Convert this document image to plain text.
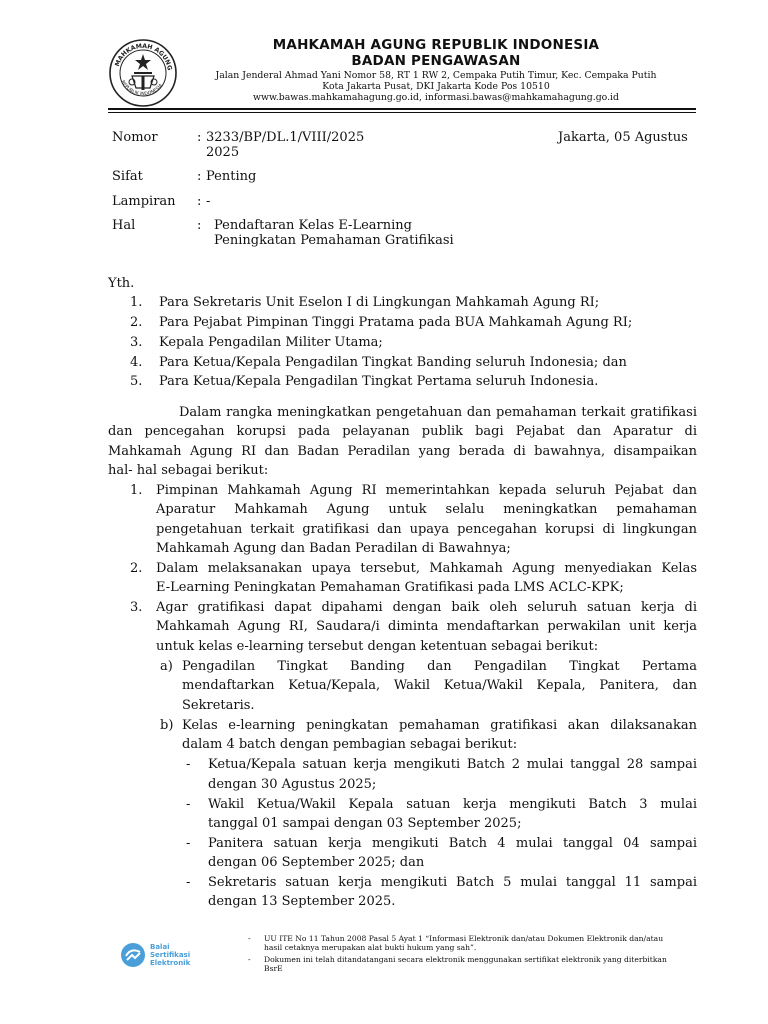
MAHKAMAH AGUNG
REPUBLIK INDONESIA
MAHKAMAH AGUNG REPUBLIK INDONESIA
BADAN PENGAWASAN
Jalan Jenderal Ahmad Yani Nomor 58, RT 1 RW 2, Cempaka Putih Timur, Kec. Cempaka Putih
Kota Jakarta Pusat, DKI Jakarta Kode Pos 10510
www.bawas.mahkamahagung.go.id, informasi.bawas@mahkamahagung.go.id
Nomor	: 3233/BP/DL.1/VIII/2025
2025
Jakarta, 05 Agustus
Sifat	: Penting
Lampiran : -
Hal	: Pendaftaran Kelas E-Learning
Peningkatan Pemahaman Gratifikasi
Yth.
1. Para Sekretaris Unit Eselon I di Lingkungan Mahkamah Agung RI;
2. Para Pejabat Pimpinan Tinggi Pratama pada BUA Mahkamah Agung RI;
3. Kepala Pengadilan Militer Utama;
4. Para Ketua/Kepala Pengadilan Tingkat Banding seluruh Indonesia; dan
5. Para Ketua/Kepala Pengadilan Tingkat Pertama seluruh Indonesia.
Dalam rangka meningkatkan pengetahuan dan pemahaman terkait gratifikasi
dan pencegahan korupsi pada pelayanan publik bagi Pejabat dan Aparatur di
Mahkamah Agung RI dan Badan Peradilan yang berada di bawahnya, disampaikan
hal- hal sebagai berikut:
1. Pimpinan Mahkamah Agung RI memerintahkan kepada seluruh Pejabat dan
Aparatur Mahkamah Agung untuk selalu meningkatkan pemahaman
pengetahuan terkait gratifikasi dan upaya pencegahan korupsi di lingkungan
Mahkamah Agung dan Badan Peradilan di Bawahnya;
2. Dalam melaksanakan upaya tersebut, Mahkamah Agung menyediakan Kelas
E-Learning Peningkatan Pemahaman Gratifikasi pada LMS ACLC-KPK;
3. Agar gratifikasi dapat dipahami dengan baik oleh seluruh satuan kerja di
Mahkamah Agung RI, Saudara/i diminta mendaftarkan perwakilan unit kerja
untuk kelas e-learning tersebut dengan ketentuan sebagai berikut:
a) Pengadilan Tingkat Banding dan Pengadilan Tingkat Pertama
mendaftarkan Ketua/Kepala, Wakil Ketua/Wakil Kepala, Panitera, dan
Sekretaris.
b) Kelas e-learning peningkatan pemahaman gratifikasi akan dilaksanakan
dalam 4 batch dengan pembagian sebagai berikut:
- Ketua/Kepala satuan kerja mengikuti Batch 2 mulai tanggal 28 sampai
dengan 30 Agustus 2025;
- Wakil Ketua/Wakil Kepala satuan kerja mengikuti Batch 3 mulai
tanggal 01 sampai dengan 03 September 2025;
- Panitera satuan kerja mengikuti Batch 4 mulai tanggal 04 sampai
dengan 06 September 2025; dan
- Sekretaris satuan kerja mengikuti Batch 5 mulai tanggal 11 sampai
dengan 13 September 2025.
Balai
Sertifikasi
Elektronik
- UU ITE No 11 Tahun 2008 Pasal 5 Ayat 1 “Informasi Elektronik dan/atau Dokumen Elektronik dan/atau
hasil cetaknya merupakan alat bukti hukum yang sah”.
- Dokumen ini telah ditandatangani secara elektronik menggunakan sertifikat elektronik yang diterbitkan
BsrE
